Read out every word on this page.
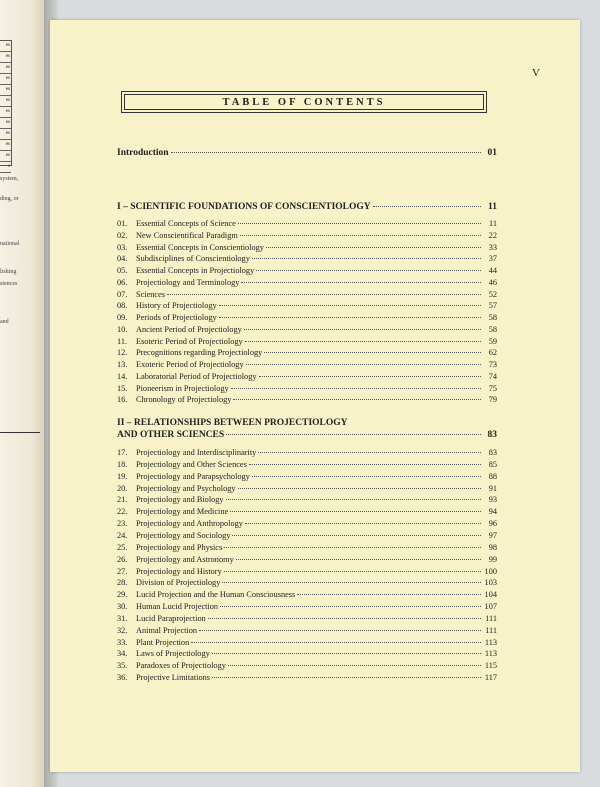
es
es
es
es
es
es
es
es
es
es
es
s
system,
ding, or
national
lishing
stences
and
V
TABLE OF CONTENTS
Introduction	01
I – SCIENTIFIC FOUNDATIONS OF CONSCIENTIOLOGY	11
01.	Essential Concepts of Science	11
02.	New Conscientifical Paradigm	22
03.	Essential Concepts in Conscientiology	33
04.	Subdisciplines of Conscientiology	37
05.	Essential Concepts in Projectiology	44
06.	Projectiology and Terminology	46
07.	Sciences	52
08.	History of Projectiology	57
09.	Periods of Projectiology	58
10.	Ancient Period of Projectiology	58
11.	Esoteric Period of Projectiology	59
12.	Precognitions regarding Projectiology	62
13.	Exoteric Period of Projectiology	73
14.	Laboratorial Period of Projectiology	74
15.	Pioneerism in Projectiology	75
16.	Chronology of Projectiology	79
II – RELATIONSHIPS BETWEEN PROJECTIOLOGY
AND OTHER SCIENCES	83
17.	Projectiology and Interdisciplinarity	83
18.	Projectiology and Other Sciences	85
19.	Projectiology and Parapsychology	88
20.	Projectiology and Psychology	91
21.	Projectiology and Biology	93
22.	Projectiology and Medicine	94
23.	Projectiology and Anthropology	96
24.	Projectiology and Sociology	97
25.	Projectiology and Physics	98
26.	Projectiology and Astronomy	99
27.	Projectiology and History	100
28.	Division of Projectiology	103
29.	Lucid Projection and the Human Consciousness	104
30.	Human Lucid Projection	107
31.	Lucid Paraprojection	111
32.	Animal Projection	111
33.	Plant Projection	113
34.	Laws of Projectiology	113
35.	Paradoxes of Projectiology	115
36.	Projective Limitations	117
